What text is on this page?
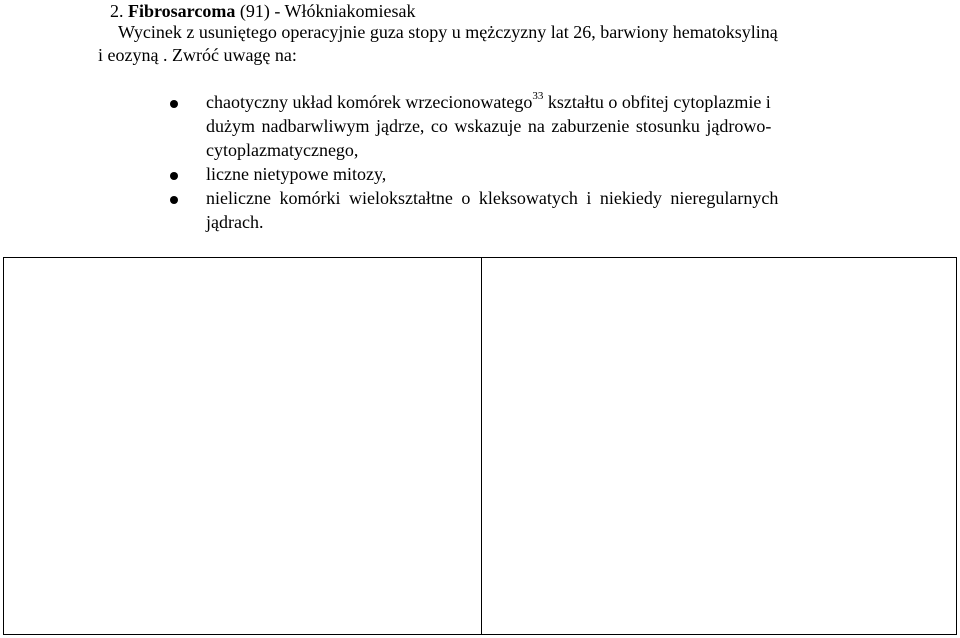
2. Fibrosarcoma (91) - Włókniakomiesak
Wycinek z usuniętego operacyjnie guza stopy u mężczyzny lat 26, barwiony hematoksyliną
i eozyną . Zwróć uwagę na:
chaotyczny układ komórek wrzecionowatego$^{33}$ kształtu o obfitej cytoplazmie i
dużym nadbarwliwym jądrze, co wskazuje na zaburzenie stosunku jądrowo-
cytoplazmatycznego,
liczne nietypowe mitozy,
nieliczne komórki wielokształtne o kleksowatych i niekiedy nieregularnych
jądrach.
